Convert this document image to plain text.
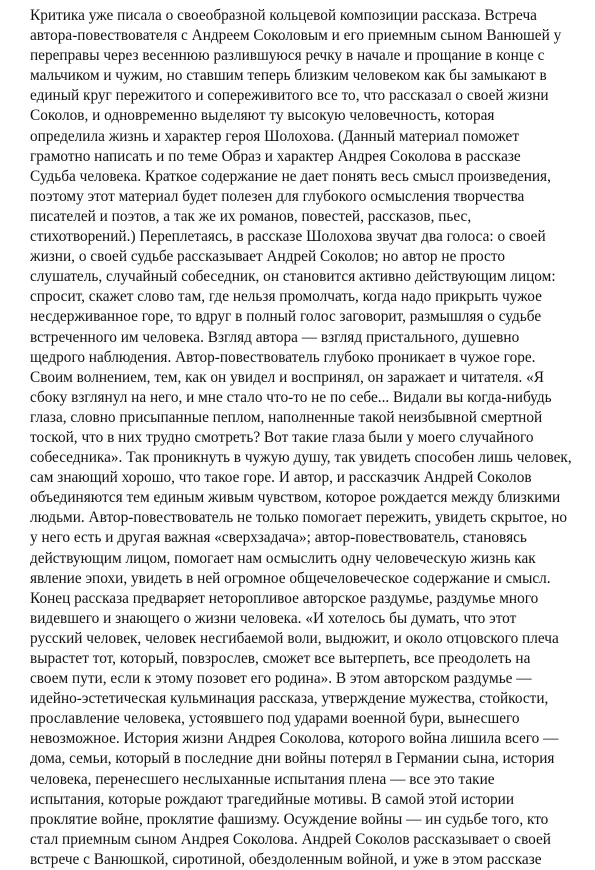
Критика уже писала о своеобразной кольцевой композиции рассказа. Встреча
автора-повествователя с Андреем Соколовым и его приемным сыном Ванюшей у
переправы через весеннюю разлившуюся речку в начале и прощание в конце с
мальчиком и чужим, но ставшим теперь близким человеком как бы замыкают в
единый круг пережитого и сопереживитого все то, что рассказал о своей жизни
Соколов, и одновременно выделяют ту высокую человечность, которая
определила жизнь и характер героя Шолохова. (Данный материал поможет
грамотно написать и по теме Образ и характер Андрея Соколова в рассказе
Судьба человека. Краткое содержание не дает понять весь смысл произведения,
поэтому этот материал будет полезен для глубокого осмысления творчества
писателей и поэтов, а так же их романов, повестей, рассказов, пьес,
стихотворений.) Переплетаясь, в рассказе Шолохова звучат два голоса: о своей
жизни, о своей судьбе рассказывает Андрей Соколов; но автор не просто
слушатель, случайный собеседник, он становится активно действующим лицом:
спросит, скажет слово там, где нельзя промолчать, когда надо прикрыть чужое
несдерживанное горе, то вдруг в полный голос заговорит, размышляя о судьбе
встреченного им человека. Взгляд автора — взгляд пристального, душевно
щедрого наблюдения. Автор-повествователь глубоко проникает в чужое горе.
Своим волнением, тем, как он увидел и воспринял, он заражает и читателя. «Я
сбоку взглянул на него, и мне стало что-то не по себе... Видали вы когда-нибудь
глаза, словно присыпанные пеплом, наполненные такой неизбывной смертной
тоской, что в них трудно смотреть? Вот такие глаза были у моего случайного
собеседника». Так проникнуть в чужую душу, так увидеть способен лишь человек,
сам знающий хорошо, что такое горе. И автор, и рассказчик Андрей Соколов
объединяются тем единым живым чувством, которое рождается между близкими
людьми. Автор-повествователь не только помогает пережить, увидеть скрытое, но
у него есть и другая важная «сверхзадача»; автор-повествователь, становясь
действующим лицом, помогает нам осмыслить одну человеческую жизнь как
явление эпохи, увидеть в ней огромное общечеловеческое содержание и смысл.
Конец рассказа предваряет неторопливое авторское раздумье, раздумье много
видевшего и знающего о жизни человека. «И хотелось бы думать, что этот
русский человек, человек несгибаемой воли, выдюжит, и около отцовского плеча
вырастет тот, который, повзрослев, сможет все вытерпеть, все преодолеть на
своем пути, если к этому позовет его родина». В этом авторском раздумье —
идейно-эстетическая кульминация рассказа, утверждение мужества, стойкости,
прославление человека, устоявшего под ударами военной бури, вынесшего
невозможное. История жизни Андрея Соколова, которого война лишила всего —
дома, семьи, который в последние дни войны потерял в Германии сына, история
человека, перенесшего неслыханные испытания плена — все это такие
испытания, которые рождают трагедийные мотивы. В самой этой истории
проклятие войне, проклятие фашизму. Осуждение войны — ин судьбе того, кто
стал приемным сыном Андрея Соколова. Андрей Соколов рассказывает о своей
встрече с Ванюшкой, сиротиной, обездоленным войной, и уже в этом рассказе
